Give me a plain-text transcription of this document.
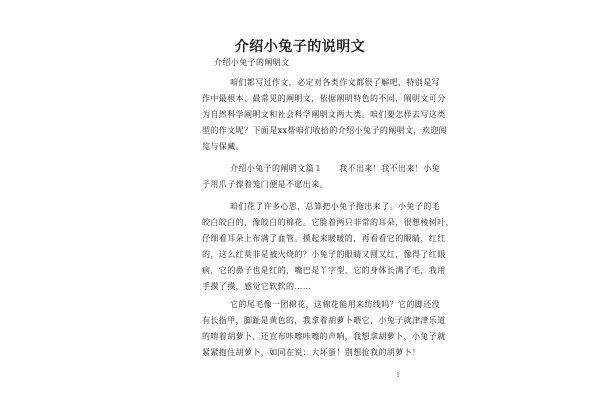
介绍小兔子的说明文
介绍小兔子的阐明文
咱们都写过作文，必定对各类作文都很了解吧，特别是写
作中最根本、最常见的阐明文，依据阐明特色的不同，阐明文可分
为自然科学阐明文和社会科学阐明文两大类。咱们要怎样去写这类
型的作文呢？下面是xx帮咱们收拾的介绍小兔子的阐明文，欢迎阅
览与保藏。
介绍小兔子的阐明文篇１　　我不出来！我不出来！小兔
子用爪子撑着笼门便是不愿出来。
咱们花了许多心思，总算把小兔子拖出来了。小兔子的毛
皎白皎白的，像皎白的棉花。它脸着两只非常的耳朵，很想棱树叶，
仔细看耳朵上布满了血管。摸起来暖暖的，再看看它的眼睛，红红
的，这么红莫非是被火烧的？小兔子的眼睛又圆又红，像得了红眼
病，它的鼻子也是红的，嘴巴是丫字型，它的身体长满了毛，我用
手摸了摸，感觉它软软的……
它的尾毛像一团棉花，这棉花能用来纺线吗？它的脚还没
有长指甲，脚趾是黄色的，我拿着胡萝卜喂它，小兔子就津津乐道
的啃着胡萝卜，还宣布咔嚓咔嚓的声响，我想拿胡萝卜，小兔子就
紧紧抱住胡萝卜，如同在说：大坏蛋！别想抢我的胡萝卜！
1
